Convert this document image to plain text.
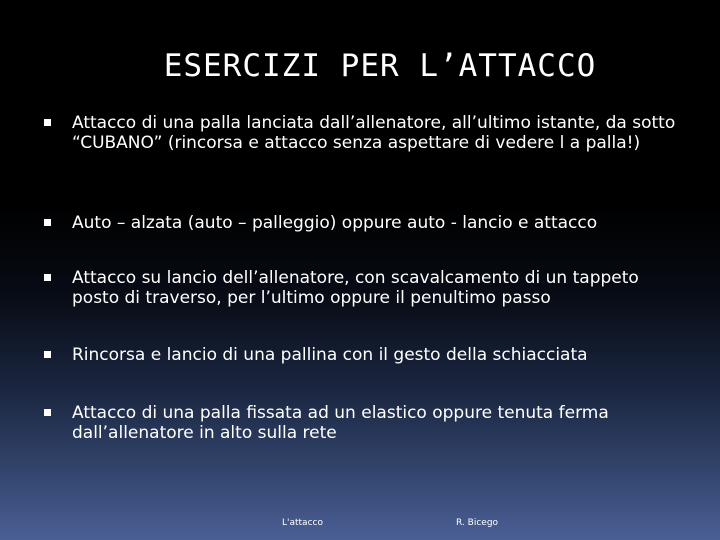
ESERCIZI PER L’ATTACCO
Attacco di una palla lanciata dall’allenatore, all’ultimo istante, da sotto “CUBANO” (rincorsa e attacco senza aspettare di vedere l a palla!)
Auto – alzata (auto – palleggio) oppure auto - lancio e attacco
Attacco su lancio dell’allenatore, con scavalcamento di un tappeto posto di traverso, per l’ultimo oppure il penultimo passo
Rincorsa e lancio di una pallina con il gesto della schiacciata
Attacco di una palla fissata ad un elastico oppure tenuta ferma dall’allenatore in alto sulla rete
L'attacco	R. Bicego
